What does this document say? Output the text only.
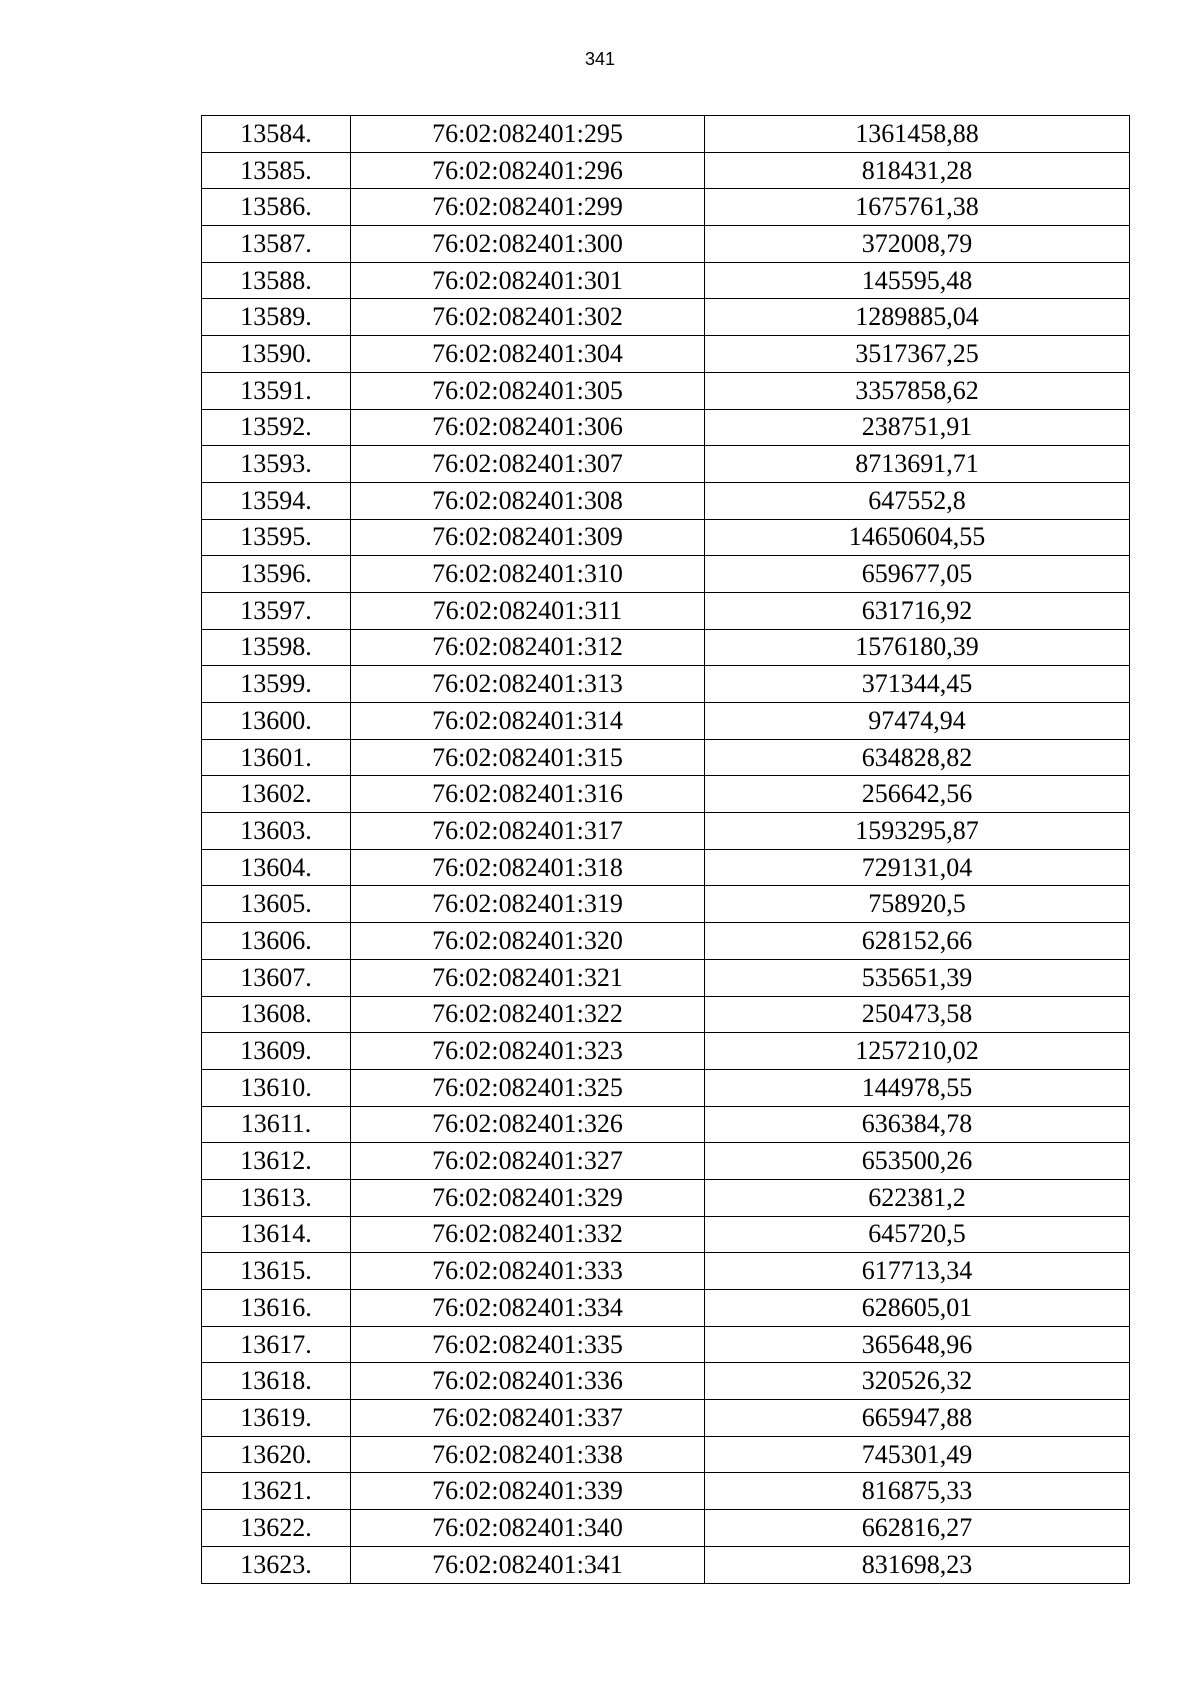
341
13584.	76:02:082401:295	1361458,88
13585.	76:02:082401:296	818431,28
13586.	76:02:082401:299	1675761,38
13587.	76:02:082401:300	372008,79
13588.	76:02:082401:301	145595,48
13589.	76:02:082401:302	1289885,04
13590.	76:02:082401:304	3517367,25
13591.	76:02:082401:305	3357858,62
13592.	76:02:082401:306	238751,91
13593.	76:02:082401:307	8713691,71
13594.	76:02:082401:308	647552,8
13595.	76:02:082401:309	14650604,55
13596.	76:02:082401:310	659677,05
13597.	76:02:082401:311	631716,92
13598.	76:02:082401:312	1576180,39
13599.	76:02:082401:313	371344,45
13600.	76:02:082401:314	97474,94
13601.	76:02:082401:315	634828,82
13602.	76:02:082401:316	256642,56
13603.	76:02:082401:317	1593295,87
13604.	76:02:082401:318	729131,04
13605.	76:02:082401:319	758920,5
13606.	76:02:082401:320	628152,66
13607.	76:02:082401:321	535651,39
13608.	76:02:082401:322	250473,58
13609.	76:02:082401:323	1257210,02
13610.	76:02:082401:325	144978,55
13611.	76:02:082401:326	636384,78
13612.	76:02:082401:327	653500,26
13613.	76:02:082401:329	622381,2
13614.	76:02:082401:332	645720,5
13615.	76:02:082401:333	617713,34
13616.	76:02:082401:334	628605,01
13617.	76:02:082401:335	365648,96
13618.	76:02:082401:336	320526,32
13619.	76:02:082401:337	665947,88
13620.	76:02:082401:338	745301,49
13621.	76:02:082401:339	816875,33
13622.	76:02:082401:340	662816,27
13623.	76:02:082401:341	831698,23
